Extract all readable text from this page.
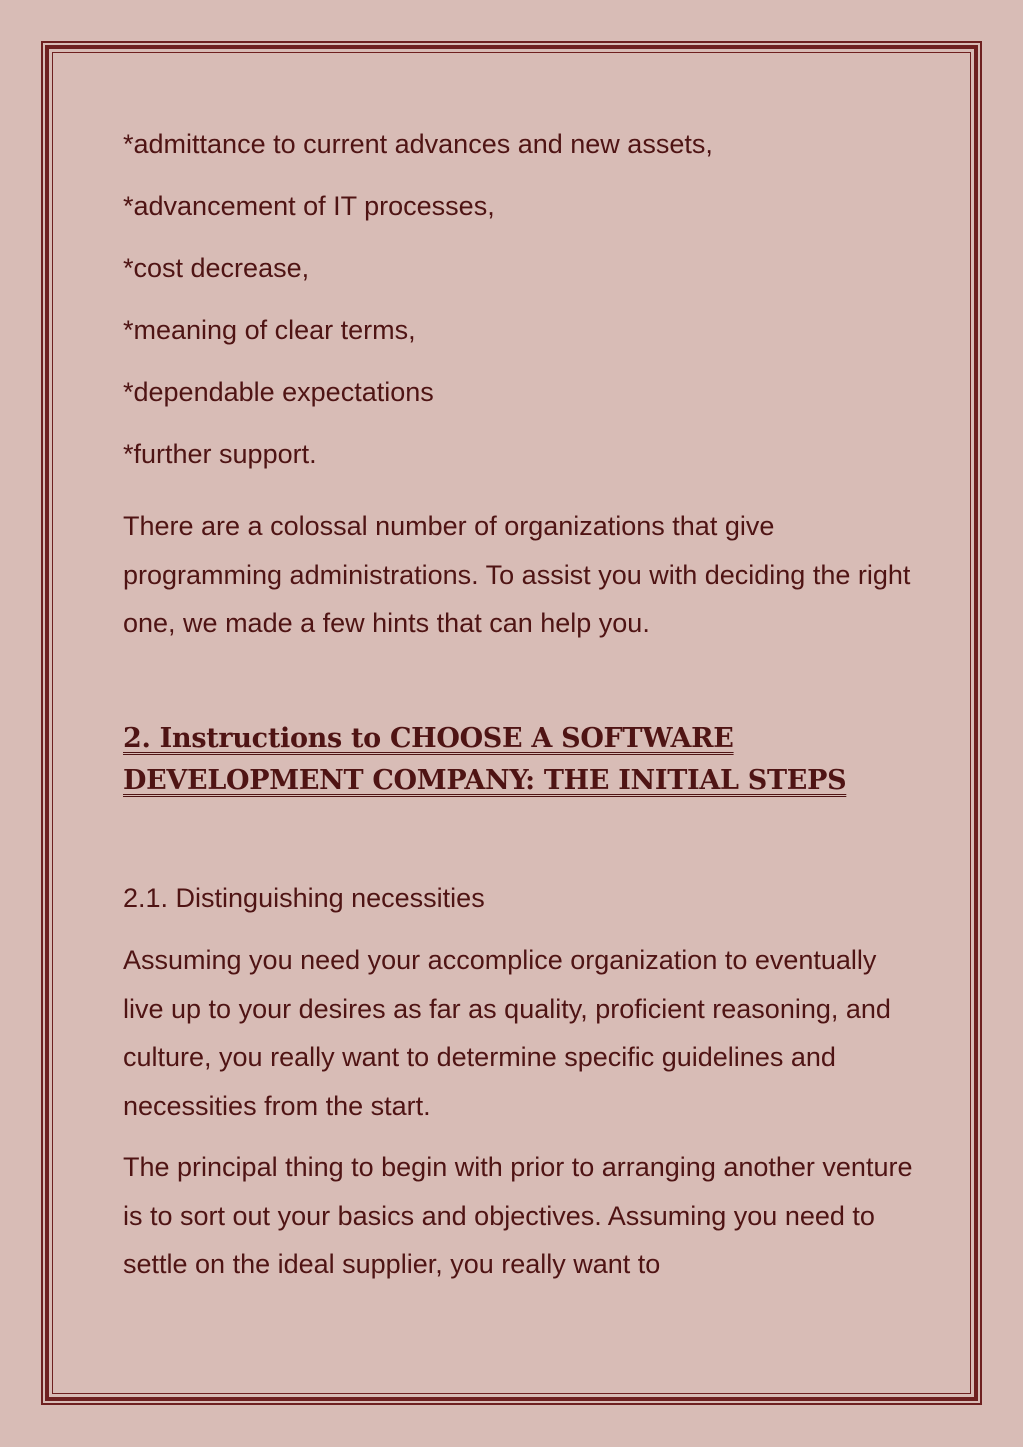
*admittance to current advances and new assets,

*advancement of IT processes,

*cost decrease,

*meaning of clear terms,

*dependable expectations

*further support.

There are a colossal number of organizations that give programming administrations. To assist you with deciding the right one, we made a few hints that can help you.

2. Instructions to CHOOSE A SOFTWARE DEVELOPMENT COMPANY: THE INITIAL STEPS

2.1. Distinguishing necessities

Assuming you need your accomplice organization to eventually live up to your desires as far as quality, proficient reasoning, and culture, you really want to determine specific guidelines and necessities from the start.

The principal thing to begin with prior to arranging another venture is to sort out your basics and objectives. Assuming you need to settle on the ideal supplier, you really want to
